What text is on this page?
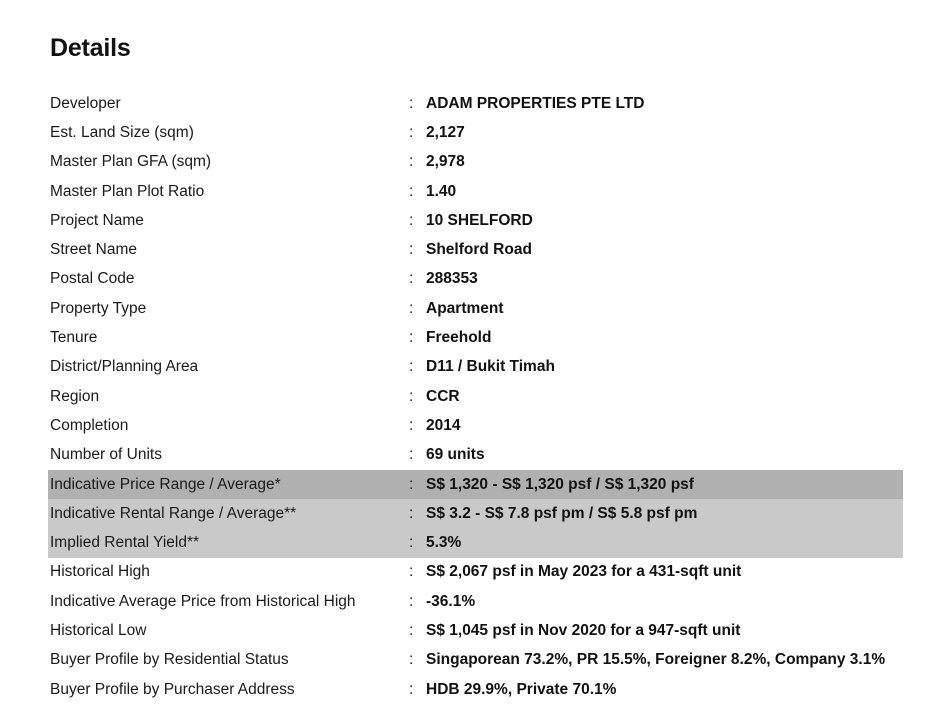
Details
Developer	: ADAM PROPERTIES PTE LTD
Est. Land Size (sqm)	: 2,127
Master Plan GFA (sqm)	: 2,978
Master Plan Plot Ratio	: 1.40
Project Name	: 10 SHELFORD
Street Name	: Shelford Road
Postal Code	: 288353
Property Type	: Apartment
Tenure	: Freehold
District/Planning Area	: D11 / Bukit Timah
Region	: CCR
Completion	: 2014
Number of Units	: 69 units
Indicative Price Range / Average*	: S$ 1,320 - S$ 1,320 psf / S$ 1,320 psf
Indicative Rental Range / Average**	: S$ 3.2 - S$ 7.8 psf pm / S$ 5.8 psf pm
Implied Rental Yield**	: 5.3%
Historical High	: S$ 2,067 psf in May 2023 for a 431-sqft unit
Indicative Average Price from Historical High	: -36.1%
Historical Low	: S$ 1,045 psf in Nov 2020 for a 947-sqft unit
Buyer Profile by Residential Status	: Singaporean 73.2%, PR 15.5%, Foreigner 8.2%, Company 3.1%
Buyer Profile by Purchaser Address	: HDB 29.9%, Private 70.1%
